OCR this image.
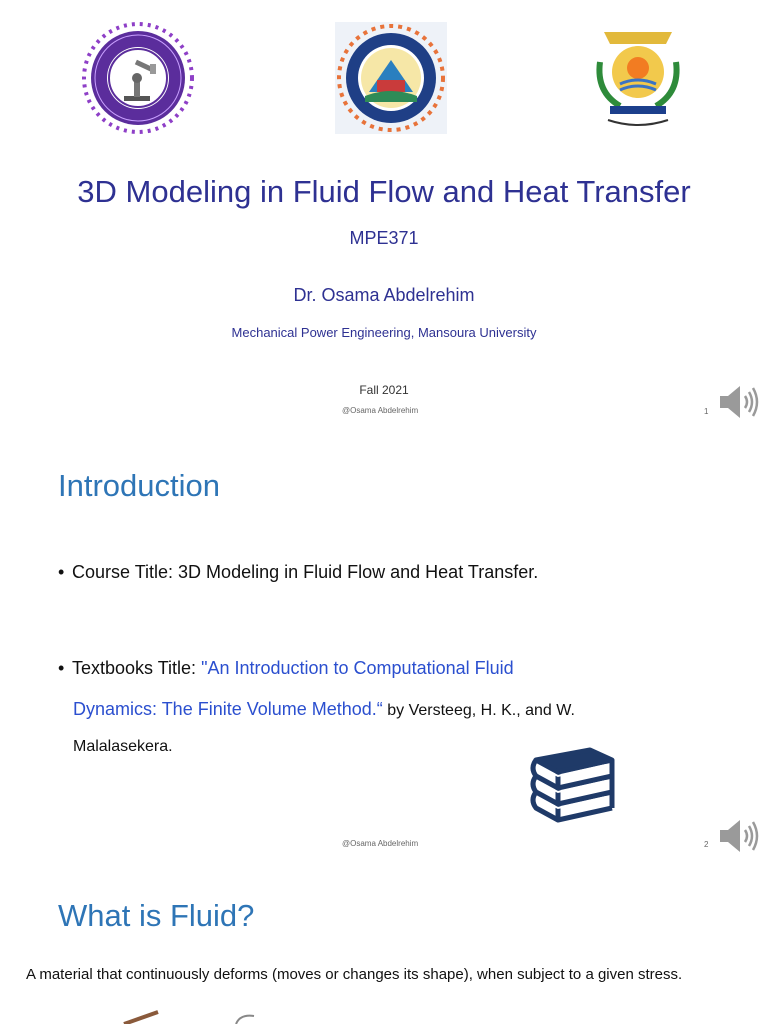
3D Modeling in Fluid Flow and Heat Transfer
MPE371
Dr. Osama Abdelrehim
Mechanical Power Engineering, Mansoura University
Fall 2021
@Osama Abdelrehim	1
Introduction
• Course Title: 3D Modeling in Fluid Flow and Heat Transfer.
• Textbooks Title: "An Introduction to Computational Fluid
Dynamics: The Finite Volume Method.“ by Versteeg, H. K., and W.
Malalasekera.
@Osama Abdelrehim	2
What is Fluid?
A material that continuously deforms (moves or changes its shape), when subject to a given stress.
